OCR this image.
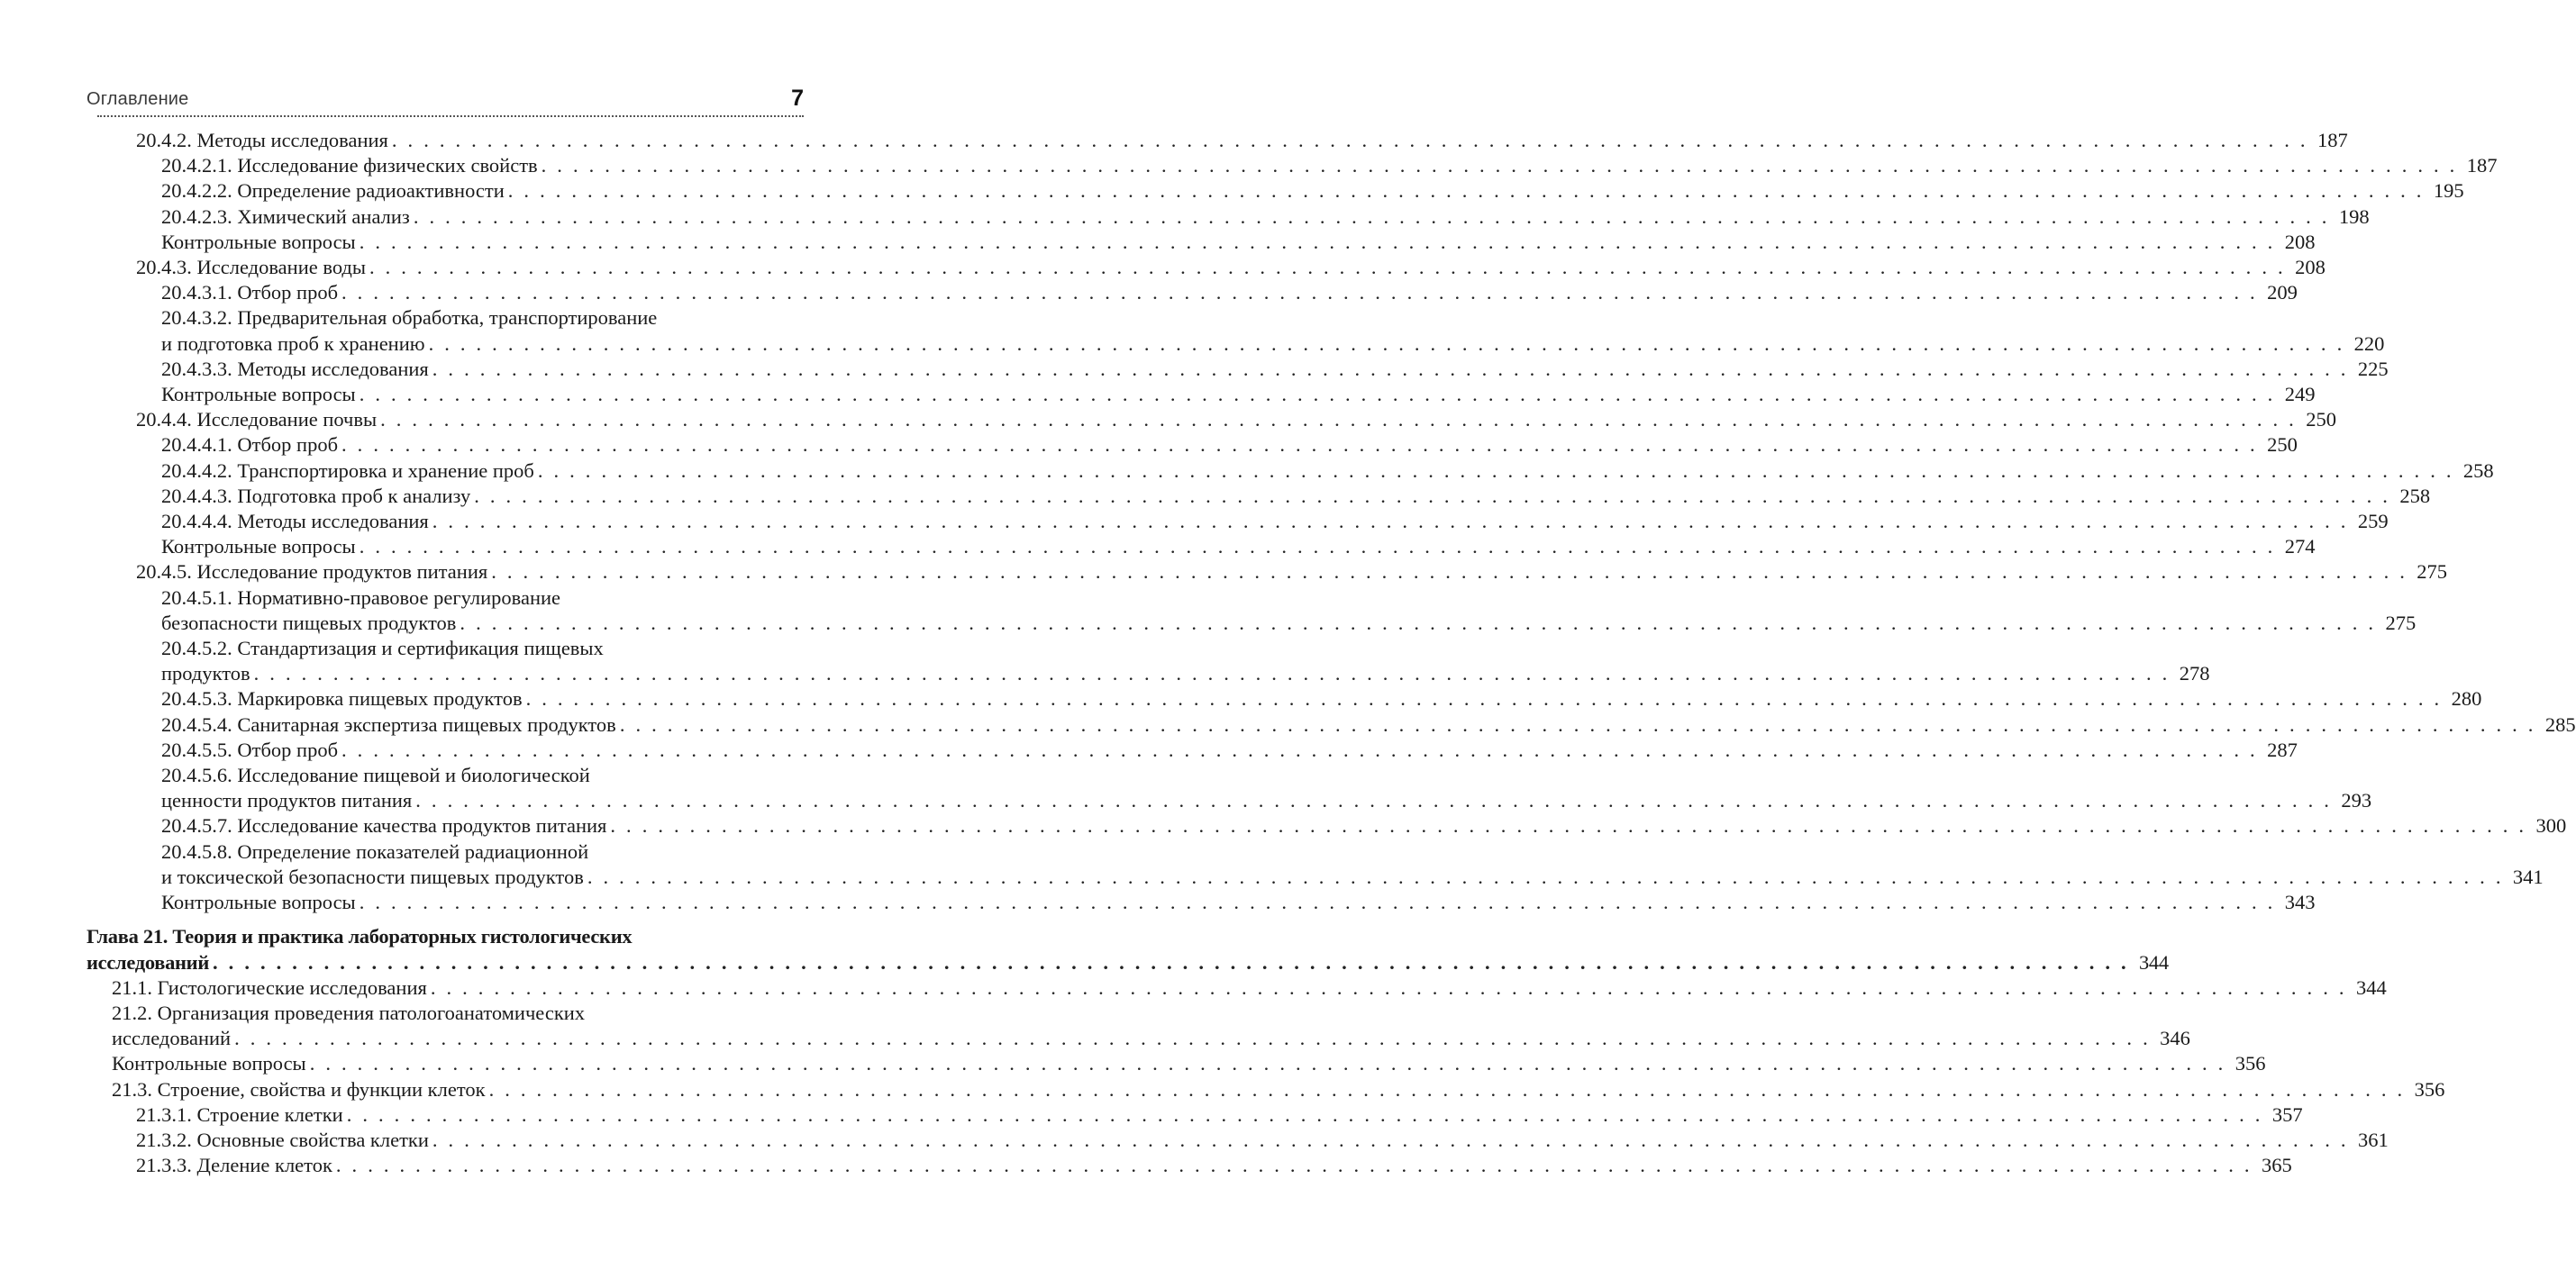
Оглавление	7
20.4.2. Методы исследования . . . . . . . . . . . . . . . . . . . . . . . . . . . . . . . . . . . . . . . . . . . . . . . . . . . . . . . . . . . . . . . . . . . . . . . . . . . . . . . . . . . . . . . . . . . . . . . . . . . . . . . . . . . . . . . . . . . . . . . . . 187
20.4.2.1. Исследование физических свойств . . . . . . . . . . . . . . . . . . . . . . . . . . . . . . . . . . . . . . . . . . . . . . . . . . . . . . . . . . . . . . . . . . . . . . . . . . . . . . . . . . . . . . . . . . . . . . . . . . . . . . . . . . . . . . . . . . . . . . . . . 187
20.4.2.2. Определение радиоактивности . . . . . . . . . . . . . . . . . . . . . . . . . . . . . . . . . . . . . . . . . . . . . . . . . . . . . . . . . . . . . . . . . . . . . . . . . . . . . . . . . . . . . . . . . . . . . . . . . . . . . . . . . . . . . . . . . . . . . . . . . 195
20.4.2.3. Химический анализ . . . . . . . . . . . . . . . . . . . . . . . . . . . . . . . . . . . . . . . . . . . . . . . . . . . . . . . . . . . . . . . . . . . . . . . . . . . . . . . . . . . . . . . . . . . . . . . . . . . . . . . . . . . . . . . . . . . . . . . . . 198
Контрольные вопросы . . . . . . . . . . . . . . . . . . . . . . . . . . . . . . . . . . . . . . . . . . . . . . . . . . . . . . . . . . . . . . . . . . . . . . . . . . . . . . . . . . . . . . . . . . . . . . . . . . . . . . . . . . . . . . . . . . . . . . . . . 208
20.4.3. Исследование воды . . . . . . . . . . . . . . . . . . . . . . . . . . . . . . . . . . . . . . . . . . . . . . . . . . . . . . . . . . . . . . . . . . . . . . . . . . . . . . . . . . . . . . . . . . . . . . . . . . . . . . . . . . . . . . . . . . . . . . . . . 208
20.4.3.1. Отбор проб . . . . . . . . . . . . . . . . . . . . . . . . . . . . . . . . . . . . . . . . . . . . . . . . . . . . . . . . . . . . . . . . . . . . . . . . . . . . . . . . . . . . . . . . . . . . . . . . . . . . . . . . . . . . . . . . . . . . . . . . . 209
20.4.3.2. Предварительная обработка, транспортирование
и подготовка проб к хранению . . . . . . . . . . . . . . . . . . . . . . . . . . . . . . . . . . . . . . . . . . . . . . . . . . . . . . . . . . . . . . . . . . . . . . . . . . . . . . . . . . . . . . . . . . . . . . . . . . . . . . . . . . . . . . . . . . . . . . . . . 220
20.4.3.3. Методы исследования . . . . . . . . . . . . . . . . . . . . . . . . . . . . . . . . . . . . . . . . . . . . . . . . . . . . . . . . . . . . . . . . . . . . . . . . . . . . . . . . . . . . . . . . . . . . . . . . . . . . . . . . . . . . . . . . . . . . . . . . . 225
Контрольные вопросы . . . . . . . . . . . . . . . . . . . . . . . . . . . . . . . . . . . . . . . . . . . . . . . . . . . . . . . . . . . . . . . . . . . . . . . . . . . . . . . . . . . . . . . . . . . . . . . . . . . . . . . . . . . . . . . . . . . . . . . . . 249
20.4.4. Исследование почвы . . . . . . . . . . . . . . . . . . . . . . . . . . . . . . . . . . . . . . . . . . . . . . . . . . . . . . . . . . . . . . . . . . . . . . . . . . . . . . . . . . . . . . . . . . . . . . . . . . . . . . . . . . . . . . . . . . . . . . . . . 250
20.4.4.1. Отбор проб . . . . . . . . . . . . . . . . . . . . . . . . . . . . . . . . . . . . . . . . . . . . . . . . . . . . . . . . . . . . . . . . . . . . . . . . . . . . . . . . . . . . . . . . . . . . . . . . . . . . . . . . . . . . . . . . . . . . . . . . . 250
20.4.4.2. Транспортировка и хранение проб . . . . . . . . . . . . . . . . . . . . . . . . . . . . . . . . . . . . . . . . . . . . . . . . . . . . . . . . . . . . . . . . . . . . . . . . . . . . . . . . . . . . . . . . . . . . . . . . . . . . . . . . . . . . . . . . . . . . . . . . . 258
20.4.4.3. Подготовка проб к анализу . . . . . . . . . . . . . . . . . . . . . . . . . . . . . . . . . . . . . . . . . . . . . . . . . . . . . . . . . . . . . . . . . . . . . . . . . . . . . . . . . . . . . . . . . . . . . . . . . . . . . . . . . . . . . . . . . . . . . . . . . 258
20.4.4.4. Методы исследования . . . . . . . . . . . . . . . . . . . . . . . . . . . . . . . . . . . . . . . . . . . . . . . . . . . . . . . . . . . . . . . . . . . . . . . . . . . . . . . . . . . . . . . . . . . . . . . . . . . . . . . . . . . . . . . . . . . . . . . . . 259
Контрольные вопросы . . . . . . . . . . . . . . . . . . . . . . . . . . . . . . . . . . . . . . . . . . . . . . . . . . . . . . . . . . . . . . . . . . . . . . . . . . . . . . . . . . . . . . . . . . . . . . . . . . . . . . . . . . . . . . . . . . . . . . . . . 274
20.4.5. Исследование продуктов питания . . . . . . . . . . . . . . . . . . . . . . . . . . . . . . . . . . . . . . . . . . . . . . . . . . . . . . . . . . . . . . . . . . . . . . . . . . . . . . . . . . . . . . . . . . . . . . . . . . . . . . . . . . . . . . . . . . . . . . . . . 275
20.4.5.1. Нормативно-правовое регулирование
безопасности пищевых продуктов . . . . . . . . . . . . . . . . . . . . . . . . . . . . . . . . . . . . . . . . . . . . . . . . . . . . . . . . . . . . . . . . . . . . . . . . . . . . . . . . . . . . . . . . . . . . . . . . . . . . . . . . . . . . . . . . . . . . . . . . . 275
20.4.5.2. Стандартизация и сертификация пищевых
продуктов . . . . . . . . . . . . . . . . . . . . . . . . . . . . . . . . . . . . . . . . . . . . . . . . . . . . . . . . . . . . . . . . . . . . . . . . . . . . . . . . . . . . . . . . . . . . . . . . . . . . . . . . . . . . . . . . . . . . . . . . . 278
20.4.5.3. Маркировка пищевых продуктов . . . . . . . . . . . . . . . . . . . . . . . . . . . . . . . . . . . . . . . . . . . . . . . . . . . . . . . . . . . . . . . . . . . . . . . . . . . . . . . . . . . . . . . . . . . . . . . . . . . . . . . . . . . . . . . . . . . . . . . . . 280
20.4.5.4. Санитарная экспертиза пищевых продуктов . . . . . . . . . . . . . . . . . . . . . . . . . . . . . . . . . . . . . . . . . . . . . . . . . . . . . . . . . . . . . . . . . . . . . . . . . . . . . . . . . . . . . . . . . . . . . . . . . . . . . . . . . . . . . . . . . . . . . . . . . 285
20.4.5.5. Отбор проб . . . . . . . . . . . . . . . . . . . . . . . . . . . . . . . . . . . . . . . . . . . . . . . . . . . . . . . . . . . . . . . . . . . . . . . . . . . . . . . . . . . . . . . . . . . . . . . . . . . . . . . . . . . . . . . . . . . . . . . . . 287
20.4.5.6. Исследование пищевой и биологической
ценности продуктов питания . . . . . . . . . . . . . . . . . . . . . . . . . . . . . . . . . . . . . . . . . . . . . . . . . . . . . . . . . . . . . . . . . . . . . . . . . . . . . . . . . . . . . . . . . . . . . . . . . . . . . . . . . . . . . . . . . . . . . . . . . 293
20.4.5.7. Исследование качества продуктов питания . . . . . . . . . . . . . . . . . . . . . . . . . . . . . . . . . . . . . . . . . . . . . . . . . . . . . . . . . . . . . . . . . . . . . . . . . . . . . . . . . . . . . . . . . . . . . . . . . . . . . . . . . . . . . . . . . . . . . . . . . 300
20.4.5.8. Определение показателей радиационной
и токсической безопасности пищевых продуктов . . . . . . . . . . . . . . . . . . . . . . . . . . . . . . . . . . . . . . . . . . . . . . . . . . . . . . . . . . . . . . . . . . . . . . . . . . . . . . . . . . . . . . . . . . . . . . . . . . . . . . . . . . . . . . . . . . . . . . . . . 341
Контрольные вопросы . . . . . . . . . . . . . . . . . . . . . . . . . . . . . . . . . . . . . . . . . . . . . . . . . . . . . . . . . . . . . . . . . . . . . . . . . . . . . . . . . . . . . . . . . . . . . . . . . . . . . . . . . . . . . . . . . . . . . . . . . 343
Глава 21. Теория и практика лабораторных гистологических
исследований . . . . . . . . . . . . . . . . . . . . . . . . . . . . . . . . . . . . . . . . . . . . . . . . . . . . . . . . . . . . . . . . . . . . . . . . . . . . . . . . . . . . . . . . . . . . . . . . . . . . . . . . . . . . . . . . . . . . . . . . . 344
21.1. Гистологические исследования . . . . . . . . . . . . . . . . . . . . . . . . . . . . . . . . . . . . . . . . . . . . . . . . . . . . . . . . . . . . . . . . . . . . . . . . . . . . . . . . . . . . . . . . . . . . . . . . . . . . . . . . . . . . . . . . . . . . . . . . . 344
21.2. Организация проведения патологоанатомических
исследований . . . . . . . . . . . . . . . . . . . . . . . . . . . . . . . . . . . . . . . . . . . . . . . . . . . . . . . . . . . . . . . . . . . . . . . . . . . . . . . . . . . . . . . . . . . . . . . . . . . . . . . . . . . . . . . . . . . . . . . . . 346
Контрольные вопросы . . . . . . . . . . . . . . . . . . . . . . . . . . . . . . . . . . . . . . . . . . . . . . . . . . . . . . . . . . . . . . . . . . . . . . . . . . . . . . . . . . . . . . . . . . . . . . . . . . . . . . . . . . . . . . . . . . . . . . . . . 356
21.3. Строение, свойства и функции клеток . . . . . . . . . . . . . . . . . . . . . . . . . . . . . . . . . . . . . . . . . . . . . . . . . . . . . . . . . . . . . . . . . . . . . . . . . . . . . . . . . . . . . . . . . . . . . . . . . . . . . . . . . . . . . . . . . . . . . . . . . 356
21.3.1. Строение клетки . . . . . . . . . . . . . . . . . . . . . . . . . . . . . . . . . . . . . . . . . . . . . . . . . . . . . . . . . . . . . . . . . . . . . . . . . . . . . . . . . . . . . . . . . . . . . . . . . . . . . . . . . . . . . . . . . . . . . . . . . 357
21.3.2. Основные свойства клетки . . . . . . . . . . . . . . . . . . . . . . . . . . . . . . . . . . . . . . . . . . . . . . . . . . . . . . . . . . . . . . . . . . . . . . . . . . . . . . . . . . . . . . . . . . . . . . . . . . . . . . . . . . . . . . . . . . . . . . . . . 361
21.3.3. Деление клеток . . . . . . . . . . . . . . . . . . . . . . . . . . . . . . . . . . . . . . . . . . . . . . . . . . . . . . . . . . . . . . . . . . . . . . . . . . . . . . . . . . . . . . . . . . . . . . . . . . . . . . . . . . . . . . . . . . . . . . . . . 365
